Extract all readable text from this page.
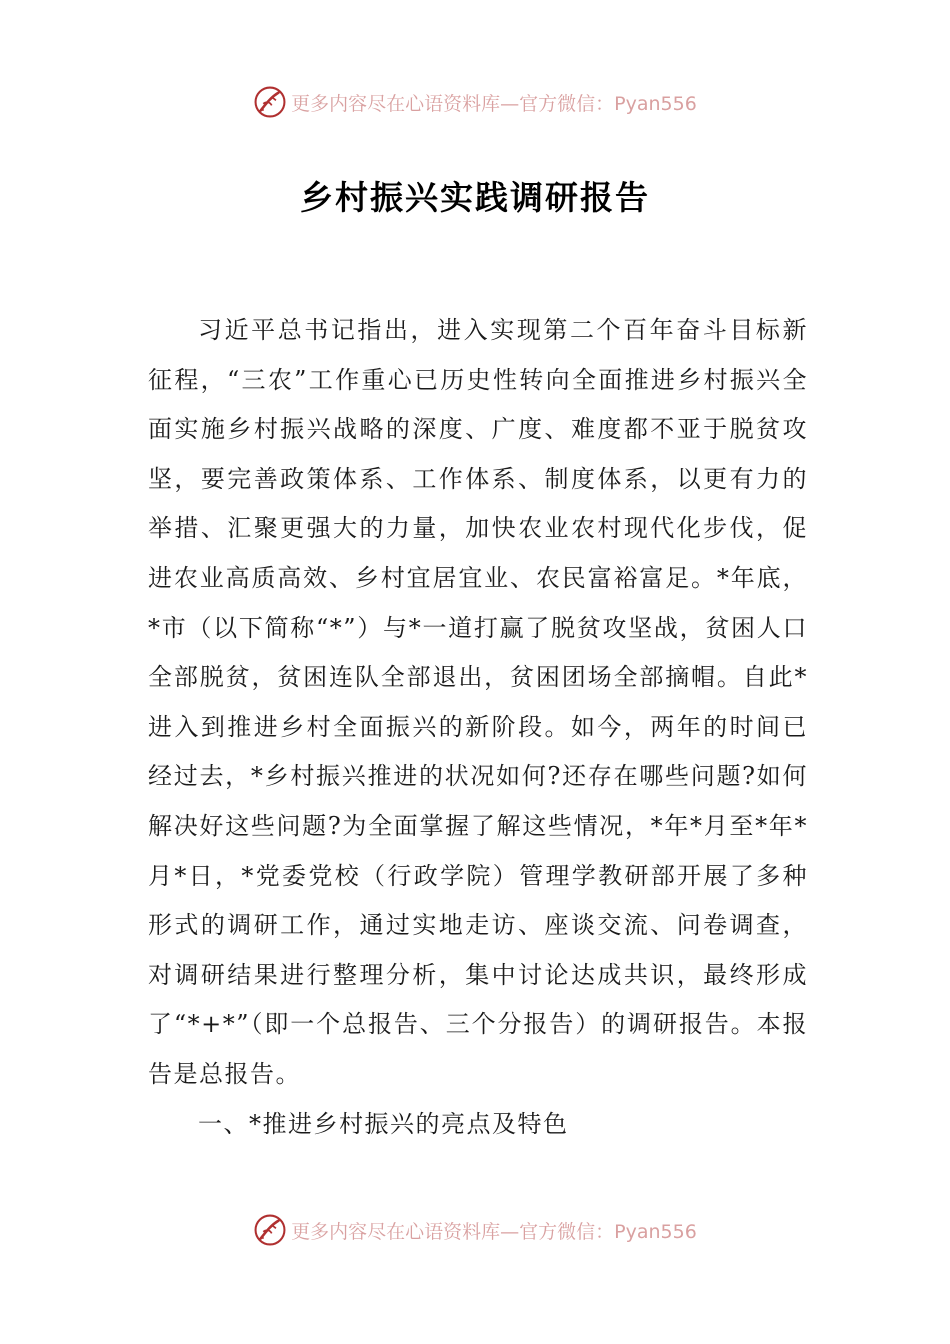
更多内容尽在心语资料库—官方微信：Pyan556
乡村振兴实践调研报告

习近平总书记指出，进入实现第二个百年奋斗目标新征程，“三农”工作重心已历史性转向全面推进乡村振兴全面实施乡村振兴战略的深度、广度、难度都不亚于脱贫攻坚，要完善政策体系、工作体系、制度体系，以更有力的举措、汇聚更强大的力量，加快农业农村现代化步伐，促进农业高质高效、乡村宜居宜业、农民富裕富足。*年底，*市（以下简称“*”）与*一道打赢了脱贫攻坚战，贫困人口全部脱贫，贫困连队全部退出，贫困团场全部摘帽。自此*进入到推进乡村全面振兴的新阶段。如今，两年的时间已经过去，*乡村振兴推进的状况如何?还存在哪些问题?如何解决好这些问题?为全面掌握了解这些情况，*年*月至*年*月*日，*党委党校（行政学院）管理学教研部开展了多种形式的调研工作，通过实地走访、座谈交流、问卷调查，对调研结果进行整理分析，集中讨论达成共识，最终形成了“*+*”（即一个总报告、三个分报告）的调研报告。本报告是总报告。

一、*推进乡村振兴的亮点及特色

更多内容尽在心语资料库—官方微信：Pyan556
